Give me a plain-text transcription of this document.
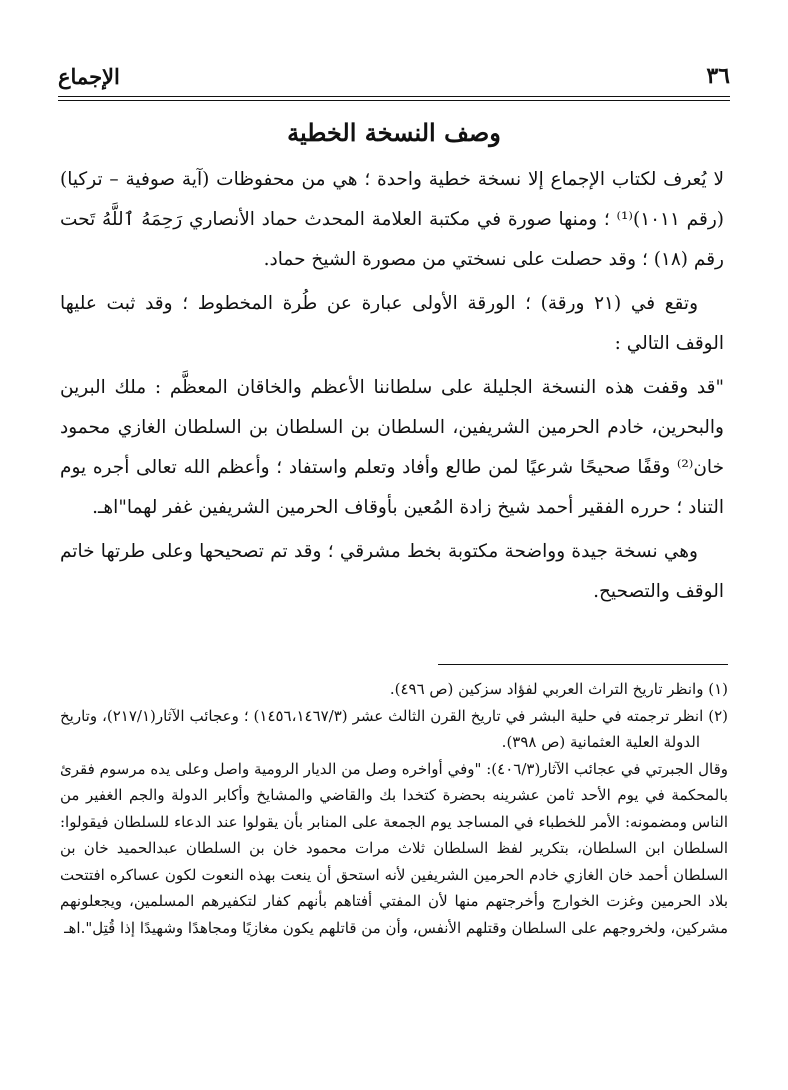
٣٦
الإجماع
وصف النسخة الخطية

لا يُعرف لكتاب الإجماع إلا نسخة خطية واحدة ؛ هي من محفوظات (آية صوفية – تركيا) (رقم ١٠١١)⁽¹⁾ ؛ ومنها صورة في مكتبة العلامة المحدث حماد الأنصاري رَحِمَهُ ٱللَّهُ تَحت رقم (١٨) ؛ وقد حصلت على نسختي من مصورة الشيخ حماد.

وتقع في (٢١ ورقة) ؛ الورقة الأولى عبارة عن طُرة المخطوط ؛ وقد ثبت عليها الوقف التالي :

"قد وقفت هذه النسخة الجليلة على سلطاننا الأعظم والخاقان المعظَّم : ملك البرين والبحرين، خادم الحرمين الشريفين، السلطان بن السلطان بن السلطان الغازي محمود خان⁽²⁾ وقفًا صحيحًا شرعيًا لمن طالع وأفاد وتعلم واستفاد ؛ وأعظم الله تعالى أجره يوم التناد ؛ حرره الفقير أحمد شيخ زادة المُعين بأوقاف الحرمين الشريفين غفر لهما"اهـ.

وهي نسخة جيدة وواضحة مكتوبة بخط مشرقي ؛ وقد تم تصحيحها وعلى طرتها خاتم الوقف والتصحيح.

(١) وانظر تاريخ التراث العربي لفؤاد سزكين (ص ٤٩٦).

(٢) انظر ترجمته في حلية البشر في تاريخ القرن الثالث عشر (١٤٥٦،١٤٦٧/٣) ؛ وعجائب الآثار(٢١٧/١)، وتاريخ الدولة العلية العثمانية (ص ٣٩٨).

وقال الجبرتي في عجائب الآثار(٤٠٦/٣): "وفي أواخره وصل من الديار الرومية واصل وعلى يده مرسوم فقرئ بالمحكمة في يوم الأحد ثامن عشرينه بحضرة كتخدا بك والقاضي والمشايخ وأكابر الدولة والجم الغفير من الناس ومضمونه: الأمر للخطباء في المساجد يوم الجمعة على المنابر بأن يقولوا عند الدعاء للسلطان فيقولوا: السلطان ابن السلطان، بتكرير لفظ السلطان ثلاث مرات محمود خان بن السلطان عبدالحميد خان بن السلطان أحمد خان الغازي خادم الحرمين الشريفين لأنه استحق أن ينعت بهذه النعوت لكون عساكره افتتحت بلاد الحرمين وغزت الخوارج وأخرجتهم منها لأن المفتي أفتاهم بأنهم كفار لتكفيرهم المسلمين، ويجعلونهم مشركين، ولخروجهم على السلطان وقتلهم الأنفس، وأن من قاتلهم يكون مغازيًا ومجاهدًا وشهيدًا إذا قُتِل".اهـ
